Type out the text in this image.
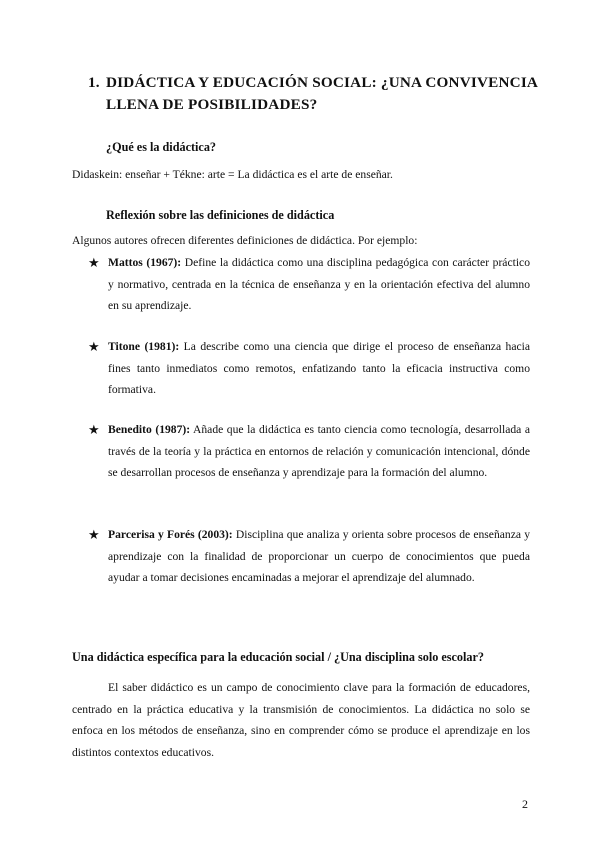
1. DIDÁCTICA Y EDUCACIÓN SOCIAL: ¿UNA CONVIVENCIA
LLENA DE POSIBILIDADES?
¿Qué es la didáctica?
Didaskein: enseñar + Tékne: arte = La didáctica es el arte de enseñar.
Reflexión sobre las definiciones de didáctica
Algunos autores ofrecen diferentes definiciones de didáctica. Por ejemplo:
★ Mattos (1967): Define la didáctica como una disciplina pedagógica con carácter práctico y normativo, centrada en la técnica de enseñanza y en la orientación efectiva del alumno en su aprendizaje.
★ Titone (1981): La describe como una ciencia que dirige el proceso de enseñanza hacia fines tanto inmediatos como remotos, enfatizando tanto la eficacia instructiva como formativa.
★ Benedito (1987): Añade que la didáctica es tanto ciencia como tecnología, desarrollada a través de la teoría y la práctica en entornos de relación y comunicación intencional, dónde se desarrollan procesos de enseñanza y aprendizaje para la formación del alumno.
★ Parcerisa y Forés (2003): Disciplina que analiza y orienta sobre procesos de enseñanza y aprendizaje con la finalidad de proporcionar un cuerpo de conocimientos que pueda ayudar a tomar decisiones encaminadas a mejorar el aprendizaje del alumnado.
Una didáctica específica para la educación social / ¿Una disciplina solo escolar?
El saber didáctico es un campo de conocimiento clave para la formación de educadores, centrado en la práctica educativa y la transmisión de conocimientos. La didáctica no solo se enfoca en los métodos de enseñanza, sino en comprender cómo se produce el aprendizaje en los distintos contextos educativos.
2
